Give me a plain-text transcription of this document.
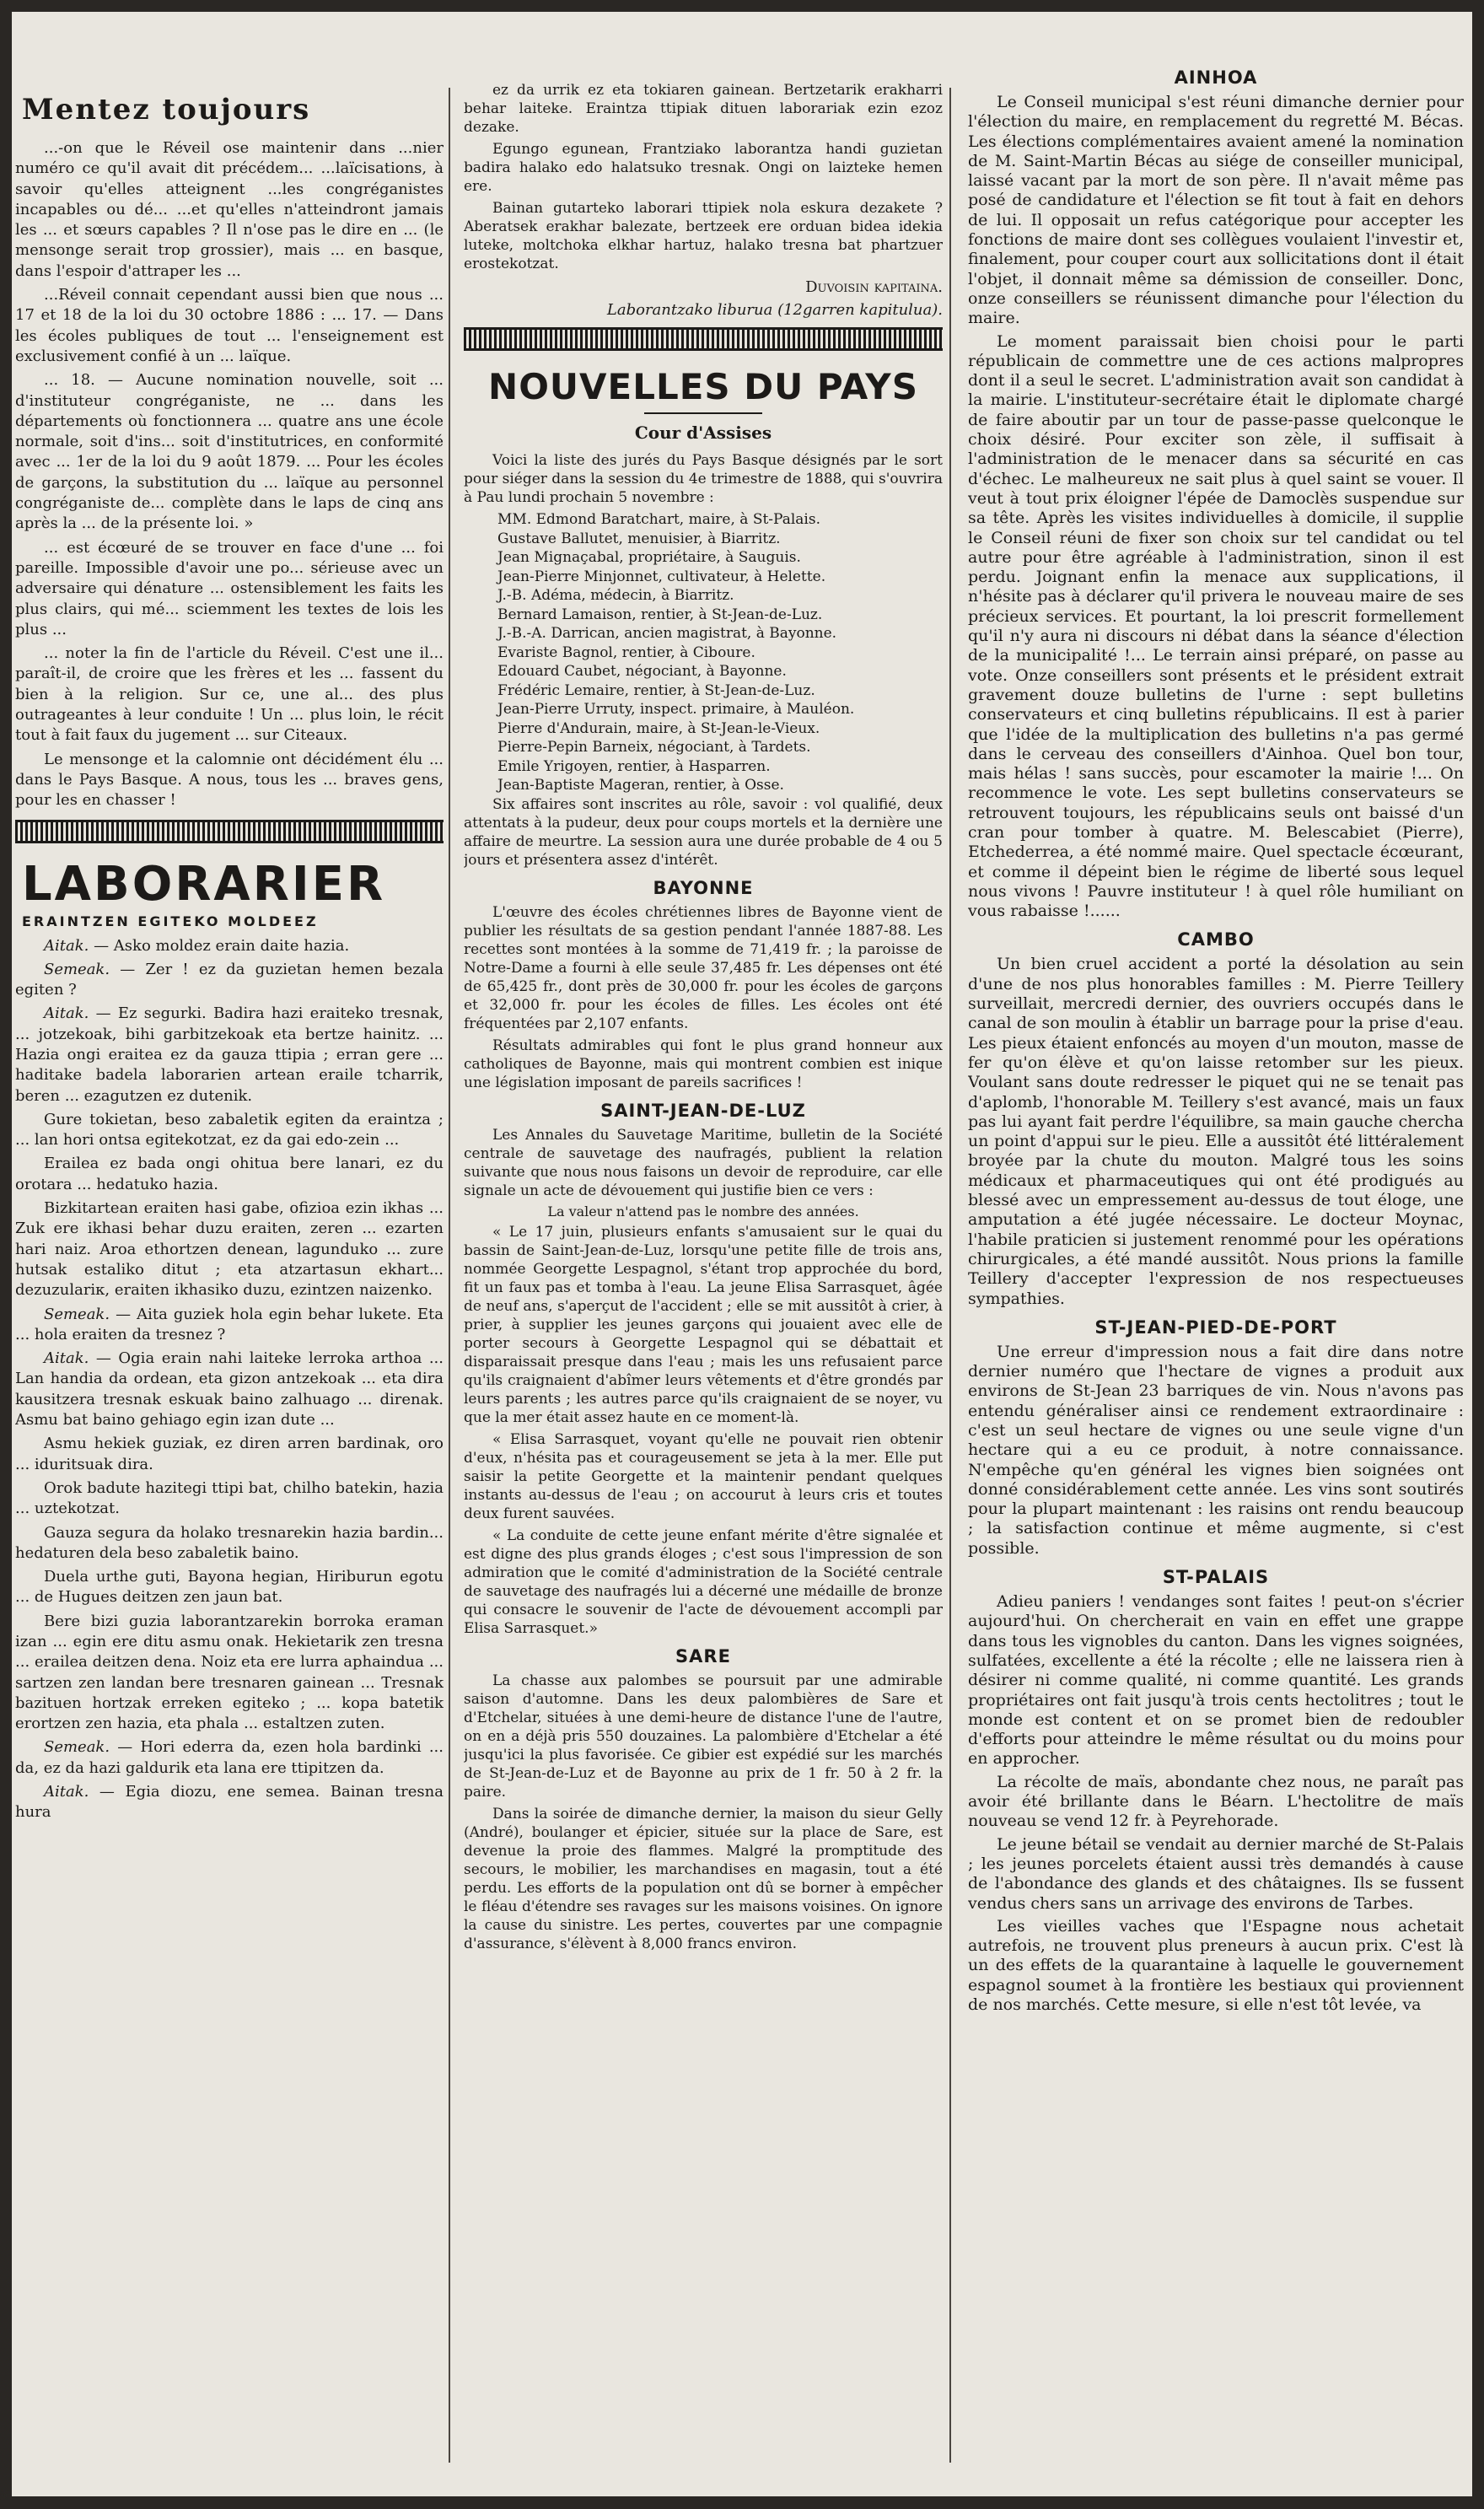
Mentez toujours

...-on que le Réveil ose maintenir dans ...nier numéro ce qu'il avait dit précédem... ...laïcisations, à savoir qu'elles atteignent ...les congréganistes incapables ou dé... ...et qu'elles n'atteindront jamais les ... et sœurs capables ? Il n'ose pas le dire en ... (le mensonge serait trop grossier), mais ... en basque, dans l'espoir d'attraper les ...

...Réveil connait cependant aussi bien que nous ... 17 et 18 de la loi du 30 octobre 1886 : ... 17. — Dans les écoles publiques de tout ... l'enseignement est exclusivement confié à un ... laïque.

... 18. — Aucune nomination nouvelle, soit ... d'instituteur congréganiste, ne ... dans les départements où fonctionnera ... quatre ans une école normale, soit d'ins... soit d'institutrices, en conformité avec ... 1er de la loi du 9 août 1879. ... Pour les écoles de garçons, la substitution du ... laïque au personnel congréganiste de... complète dans le laps de cinq ans après la ... de la présente loi. »

... est écœuré de se trouver en face d'une ... foi pareille. Impossible d'avoir une po... sérieuse avec un adversaire qui dénature ... ostensiblement les faits les plus clairs, qui mé... sciemment les textes de lois les plus ...

... noter la fin de l'article du Réveil. C'est une il... paraît-il, de croire que les frères et les ... fassent du bien à la religion. Sur ce, une al... des plus outrageantes à leur conduite ! Un ... plus loin, le récit tout à fait faux du jugement ... sur Citeaux.

Le mensonge et la calomnie ont décidément élu ... dans le Pays Basque. A nous, tous les ... braves gens, pour les en chasser !

LABORARIER
ERAINTZEN EGITEKO MOLDEEZ

Aitak. — Asko moldez erain daite hazia.

Semeak. — Zer ! ez da guzietan hemen bezala egiten ?

Aitak. — Ez segurki. Badira hazi eraiteko tresnak, ... jotzekoak, bihi garbitzekoak eta bertze hainitz. ... Hazia ongi eraitea ez da gauza ttipia ; erran gere ... haditake badela laborarien artean eraile tcharrik, beren ... ezagutzen ez dutenik.

Gure tokietan, beso zabaletik egiten da eraintza ; ... lan hori ontsa egitekotzat, ez da gai edo-zein ...

Erailea ez bada ongi ohitua bere lanari, ez du orotara ... hedatuko hazia.

Bizkitartean eraiten hasi gabe, ofizioa ezin ikhas ... Zuk ere ikhasi behar duzu eraiten, zeren ... ezarten hari naiz. Aroa ethortzen denean, lagunduko ... zure hutsak estaliko ditut ; eta atzartasun ekhart... dezuzulariк, eraiten ikhasiko duzu, ezintzen naizenko.

Semeak. — Aita guziek hola egin behar lukete. Eta ... hola eraiten da tresnez ?

Aitak. — Ogia erain nahi laiteke lerroka arthoa ... Lan handia da ordean, eta gizon antzekoak ... eta dira kausitzera tresnak eskuak baino zalhuago ... direnak. Asmu bat baino gehiago egin izan dute ...

Asmu hekiek guziak, ez diren arren bardinak, oro ... iduritsuak dira.

Orok badute hazitegi ttipi bat, chilho batekin, hazia ... uztekotzat.

Gauza segura da holako tresnarekin hazia bardin... hedaturen dela beso zabaletik baino.

Duela urthe guti, Bayona hegian, Hiriburun egotu ... de Hugues deitzen zen jaun bat.

Bere bizi guzia laborantzarekin borroka eraman izan ... egin ere ditu asmu onak. Hekietarik zen tresna ... erailea deitzen dena. Noiz eta ere lurra aphaindua ... sartzen zen landan bere tresnaren gainean ... Tresnak bazituen hortzak erreken egiteko ; ... kopa batetik erortzen zen hazia, eta phala ... estaltzen zuten.

Semeak. — Hori ederra da, ezen hola bardinki ... da, ez da hazi galdurik eta lana ere ttipitzen da.

Aitak. — Egia diozu, ene semea. Bainan tresna hura

ez da urrik ez eta tokiaren gainean. Bertzetarik erakharri behar laiteke. Eraintza ttipiak dituen laborariak ezin ezoz dezake.

Egungo egunean, Frantziako laborantza handi guzietan badira halako edo halatsuko tresnak. Ongi on laizteke hemen ere.

Bainan gutarteko laborari ttipiek nola eskura dezakete ? Aberatsek erakhar balezate, bertzeek ere orduan bidea idekia luteke, moltchoka elkhar hartuz, halako tresna bat phartzuer erostekotzat.

Duvoisin kapitaina.
Laborantzako liburua (12garren kapitulua).
NOUVELLES DU PAYS
Cour d'Assises

Voici la liste des jurés du Pays Basque désignés par le sort pour siéger dans la session du 4e trimestre de 1888, qui s'ouvrira à Pau lundi prochain 5 novembre :

MM. Edmond Baratchart, maire, à St-Palais.
Gustave Ballutet, menuisier, à Biarritz.
Jean Mignaçabal, propriétaire, à Sauguis.
Jean-Pierre Minjonnet, cultivateur, à Helette.
J.-B. Adéma, médecin, à Biarritz.
Bernard Lamaison, rentier, à St-Jean-de-Luz.
J.-B.-A. Darrican, ancien magistrat, à Bayonne.
Evariste Bagnol, rentier, à Ciboure.
Edouard Caubet, négociant, à Bayonne.
Frédéric Lemaire, rentier, à St-Jean-de-Luz.
Jean-Pierre Urruty, inspect. primaire, à Mauléon.
Pierre d'Andurain, maire, à St-Jean-le-Vieux.
Pierre-Pepin Barneix, négociant, à Tardets.
Emile Yrigoyen, rentier, à Hasparren.
Jean-Baptiste Mageran, rentier, à Osse.

Six affaires sont inscrites au rôle, savoir : vol qualifié, deux attentats à la pudeur, deux pour coups mortels et la dernière une affaire de meurtre. La session aura une durée probable de 4 ou 5 jours et présentera assez d'intérêt.

BAYONNE

L'œuvre des écoles chrétiennes libres de Bayonne vient de publier les résultats de sa gestion pendant l'année 1887-88. Les recettes sont montées à la somme de 71,419 fr. ; la paroisse de Notre-Dame a fourni à elle seule 37,485 fr. Les dépenses ont été de 65,425 fr., dont près de 30,000 fr. pour les écoles de garçons et 32,000 fr. pour les écoles de filles. Les écoles ont été fréquentées par 2,107 enfants.

Résultats admirables qui font le plus grand honneur aux catholiques de Bayonne, mais qui montrent combien est inique une législation imposant de pareils sacrifices !

SAINT-JEAN-DE-LUZ

Les Annales du Sauvetage Maritime, bulletin de la Société centrale de sauvetage des naufragés, publient la relation suivante que nous nous faisons un devoir de reproduire, car elle signale un acte de dévouement qui justifie bien ce vers :

La valeur n'attend pas le nombre des années.

« Le 17 juin, plusieurs enfants s'amusaient sur le quai du bassin de Saint-Jean-de-Luz, lorsqu'une petite fille de trois ans, nommée Georgette Lespagnol, s'étant trop approchée du bord, fit un faux pas et tomba à l'eau. La jeune Elisa Sarrasquet, âgée de neuf ans, s'aperçut de l'accident ; elle se mit aussitôt à crier, à prier, à supplier les jeunes garçons qui jouaient avec elle de porter secours à Georgette Lespagnol qui se débattait et disparaissait presque dans l'eau ; mais les uns refusaient parce qu'ils craignaient d'abîmer leurs vêtements et d'être grondés par leurs parents ; les autres parce qu'ils craignaient de se noyer, vu que la mer était assez haute en ce moment-là.

« Elisa Sarrasquet, voyant qu'elle ne pouvait rien obtenir d'eux, n'hésita pas et courageusement se jeta à la mer. Elle put saisir la petite Georgette et la maintenir pendant quelques instants au-dessus de l'eau ; on accourut à leurs cris et toutes deux furent sauvées.

« La conduite de cette jeune enfant mérite d'être signalée et est digne des plus grands éloges ; c'est sous l'impression de son admiration que le comité d'administration de la Société centrale de sauvetage des naufragés lui a décerné une médaille de bronze qui consacre le souvenir de l'acte de dévouement accompli par Elisa Sarrasquet.»

SARE

La chasse aux palombes se poursuit par une admirable saison d'automne. Dans les deux palombières de Sare et d'Etchelar, situées à une demi-heure de distance l'une de l'autre, on en a déjà pris 550 douzaines. La palombière d'Etchelar a été jusqu'ici la plus favorisée. Ce gibier est expédié sur les marchés de St-Jean-de-Luz et de Bayonne au prix de 1 fr. 50 à 2 fr. la paire.

Dans la soirée de dimanche dernier, la maison du sieur Gelly (André), boulanger et épicier, située sur la place de Sare, est devenue la proie des flammes. Malgré la promptitude des secours, le mobilier, les marchandises en magasin, tout a été perdu. Les efforts de la population ont dû se borner à empêcher le fléau d'étendre ses ravages sur les maisons voisines. On ignore la cause du sinistre. Les pertes, couvertes par une compagnie d'assurance, s'élèvent à 8,000 francs environ.

AINHOA

Le Conseil municipal s'est réuni dimanche dernier pour l'élection du maire, en remplacement du regretté M. Bécas. Les élections complémentaires avaient amené la nomination de M. Saint-Martin Bécas au siége de conseiller municipal, laissé vacant par la mort de son père. Il n'avait même pas posé de candidature et l'élection se fit tout à fait en dehors de lui. Il opposait un refus catégorique pour accepter les fonctions de maire dont ses collègues voulaient l'investir et, finalement, pour couper court aux sollicitations dont il était l'objet, il donnait même sa démission de conseiller. Donc, onze conseillers se réunissent dimanche pour l'élection du maire.

Le moment paraissait bien choisi pour le parti républicain de commettre une de ces actions malpropres dont il a seul le secret. L'administration avait son candidat à la mairie. L'instituteur-secrétaire était le diplomate chargé de faire aboutir par un tour de passe-passe quelconque le choix désiré. Pour exciter son zèle, il suffisait à l'administration de le menacer dans sa sécurité en cas d'échec. Le malheureux ne sait plus à quel saint se vouer. Il veut à tout prix éloigner l'épée de Damoclès suspendue sur sa tête. Après les visites individuelles à domicile, il supplie le Conseil réuni de fixer son choix sur tel candidat ou tel autre pour être agréable à l'administration, sinon il est perdu. Joignant enfin la menace aux supplications, il n'hésite pas à déclarer qu'il privera le nouveau maire de ses précieux services. Et pourtant, la loi prescrit formellement qu'il n'y aura ni discours ni débat dans la séance d'élection de la municipalité !... Le terrain ainsi préparé, on passe au vote. Onze conseillers sont présents et le président extrait gravement douze bulletins de l'urne : sept bulletins conservateurs et cinq bulletins républicains. Il est à parier que l'idée de la multiplication des bulletins n'a pas germé dans le cerveau des conseillers d'Ainhoa. Quel bon tour, mais hélas ! sans succès, pour escamoter la mairie !... On recommence le vote. Les sept bulletins conservateurs se retrouvent toujours, les républicains seuls ont baissé d'un cran pour tomber à quatre. M. Belescabiet (Pierre), Etchederrea, a été nommé maire. Quel spectacle écœurant, et comme il dépeint bien le régime de liberté sous lequel nous vivons ! Pauvre instituteur ! à quel rôle humiliant on vous rabaisse !......

CAMBO

Un bien cruel accident a porté la désolation au sein d'une de nos plus honorables familles : M. Pierre Teillery surveillait, mercredi dernier, des ouvriers occupés dans le canal de son moulin à établir un barrage pour la prise d'eau. Les pieux étaient enfoncés au moyen d'un mouton, masse de fer qu'on élève et qu'on laisse retomber sur les pieux. Voulant sans doute redresser le piquet qui ne se tenait pas d'aplomb, l'honorable M. Teillery s'est avancé, mais un faux pas lui ayant fait perdre l'équilibre, sa main gauche chercha un point d'appui sur le pieu. Elle a aussitôt été littéralement broyée par la chute du mouton. Malgré tous les soins médicaux et pharmaceutiques qui ont été prodigués au blessé avec un empressement au-dessus de tout éloge, une amputation a été jugée nécessaire. Le docteur Moynac, l'habile praticien si justement renommé pour les opérations chirurgicales, a été mandé aussitôt. Nous prions la famille Teillery d'accepter l'expression de nos respectueuses sympathies.

ST-JEAN-PIED-DE-PORT

Une erreur d'impression nous a fait dire dans notre dernier numéro que l'hectare de vignes a produit aux environs de St-Jean 23 barriques de vin. Nous n'avons pas entendu généraliser ainsi ce rendement extraordinaire : c'est un seul hectare de vignes ou une seule vigne d'un hectare qui a eu ce produit, à notre connaissance. N'empêche qu'en général les vignes bien soignées ont donné considérablement cette année. Les vins sont soutirés pour la plupart maintenant : les raisins ont rendu beaucoup ; la satisfaction continue et même augmente, si c'est possible.

ST-PALAIS

Adieu paniers ! vendanges sont faites ! peut-on s'écrier aujourd'hui. On chercherait en vain en effet une grappe dans tous les vignobles du canton. Dans les vignes soignées, sulfatées, excellente a été la récolte ; elle ne laissera rien à désirer ni comme qualité, ni comme quantité. Les grands propriétaires ont fait jusqu'à trois cents hectolitres ; tout le monde est content et on se promet bien de redoubler d'efforts pour atteindre le même résultat ou du moins pour en approcher.

La récolte de maïs, abondante chez nous, ne paraît pas avoir été brillante dans le Béarn. L'hectolitre de maïs nouveau se vend 12 fr. à Peyrehorade.

Le jeune bétail se vendait au dernier marché de St-Palais ; les jeunes porcelets étaient aussi très demandés à cause de l'abondance des glands et des châtaignes. Ils se fussent vendus chers sans un arrivage des environs de Tarbes.

Les vieilles vaches que l'Espagne nous achetait autrefois, ne trouvent plus preneurs à aucun prix. C'est là un des effets de la quarantaine à laquelle le gouvernement espagnol soumet à la frontière les bestiaux qui proviennent de nos marchés. Cette mesure, si elle n'est tôt levée, va
